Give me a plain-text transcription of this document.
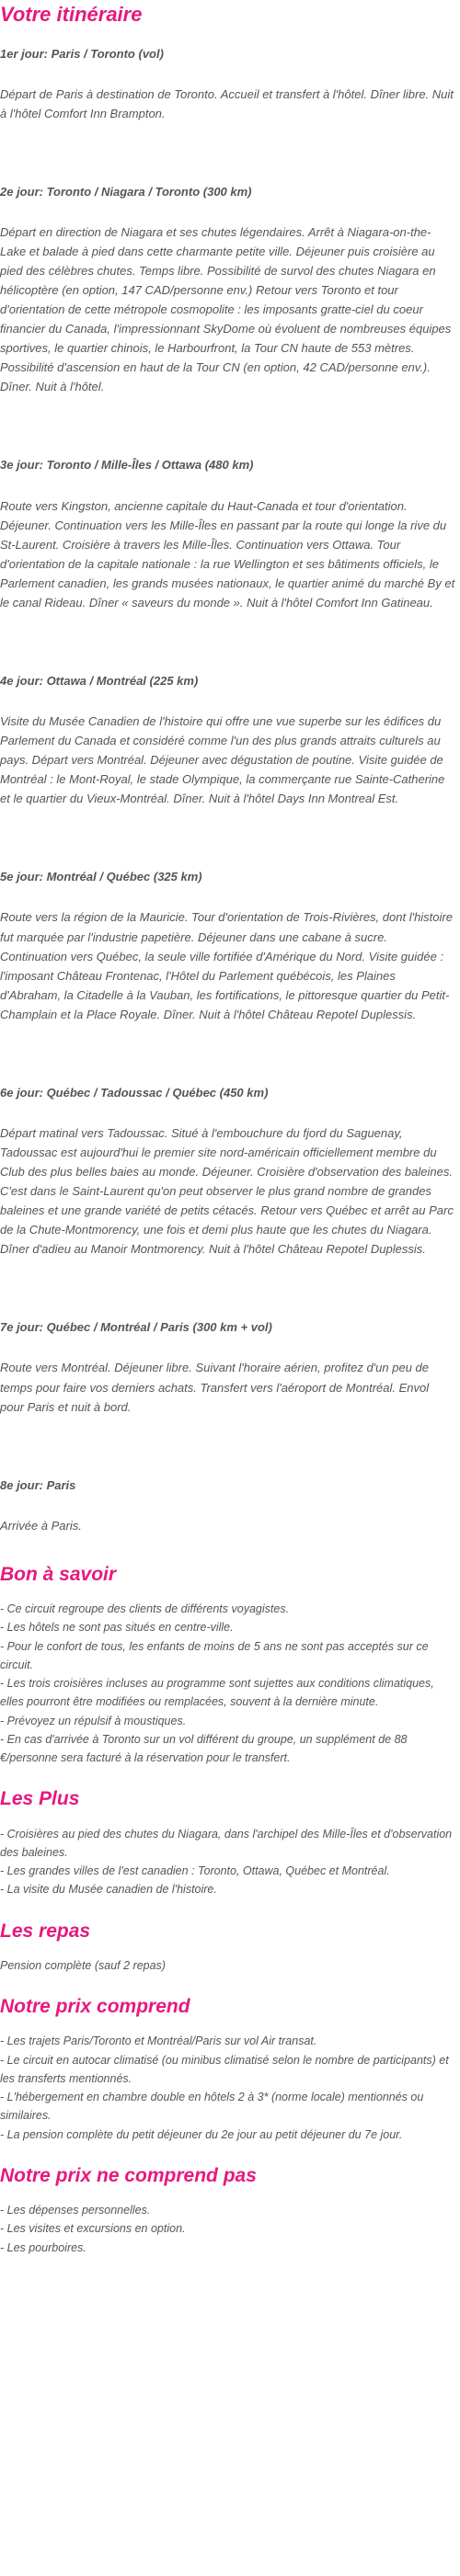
Votre itinéraire

1er jour: Paris / Toronto (vol)

Départ de Paris à destination de Toronto. Accueil et transfert à l'hôtel. Dîner libre. Nuit à l'hôtel Comfort Inn Brampton.

2e jour: Toronto / Niagara / Toronto (300 km)

Départ en direction de Niagara et ses chutes légendaires. Arrêt à Niagara-on-the-Lake et balade à pied dans cette charmante petite ville. Déjeuner puis croisière au pied des célèbres chutes. Temps libre. Possibilité de survol des chutes Niagara en hélicoptère (en option, 147 CAD/personne env.) Retour vers Toronto et tour d'orientation de cette métropole cosmopolite : les imposants gratte-ciel du coeur financier du Canada, l'impressionnant SkyDome où évoluent de nombreuses équipes sportives, le quartier chinois, le Harbourfront, la Tour CN haute de 553 mètres. Possibilité d'ascension en haut de la Tour CN (en option, 42 CAD/personne env.). Dîner. Nuit à l'hôtel.

3e jour: Toronto / Mille-Îles / Ottawa (480 km)

Route vers Kingston, ancienne capitale du Haut-Canada et tour d'orientation. Déjeuner. Continuation vers les Mille-Îles en passant par la route qui longe la rive du St-Laurent. Croisière à travers les Mille-Îles. Continuation vers Ottawa. Tour d'orientation de la capitale nationale : la rue Wellington et ses bâtiments officiels, le Parlement canadien, les grands musées nationaux, le quartier animé du marché By et le canal Rideau. Dîner « saveurs du monde ». Nuit à l'hôtel Comfort Inn Gatineau.

4e jour: Ottawa / Montréal (225 km)

Visite du Musée Canadien de l'histoire qui offre une vue superbe sur les édifices du Parlement du Canada et considéré comme l'un des plus grands attraits culturels au pays. Départ vers Montréal. Déjeuner avec dégustation de poutine. Visite guidée de Montréal : le Mont-Royal, le stade Olympique, la commerçante rue Sainte-Catherine et le quartier du Vieux-Montréal. Dîner. Nuit à l'hôtel Days Inn Montreal Est.

5e jour: Montréal / Québec (325 km)

Route vers la région de la Mauricie. Tour d'orientation de Trois-Rivières, dont l'histoire fut marquée par l'industrie papetière. Déjeuner dans une cabane à sucre. Continuation vers Québec, la seule ville fortifiée d'Amérique du Nord. Visite guidée : l'imposant Château Frontenac, l'Hôtel du Parlement québécois, les Plaines d'Abraham, la Citadelle à la Vauban, les fortifications, le pittoresque quartier du Petit-Champlain et la Place Royale. Dîner. Nuit à l'hôtel Château Repotel Duplessis.

6e jour: Québec / Tadoussac / Québec (450 km)

Départ matinal vers Tadoussac. Situé à l'embouchure du fjord du Saguenay, Tadoussac est aujourd'hui le premier site nord-américain officiellement membre du Club des plus belles baies au monde. Déjeuner. Croisière d'observation des baleines. C'est dans le Saint-Laurent qu'on peut observer le plus grand nombre de grandes baleines et une grande variété de petits cétacés. Retour vers Québec et arrêt au Parc de la Chute-Montmorency, une fois et demi plus haute que les chutes du Niagara. Dîner d'adieu au Manoir Montmorency. Nuit à l'hôtel Château Repotel Duplessis.

7e jour: Québec / Montréal / Paris (300 km + vol)

Route vers Montréal. Déjeuner libre. Suivant l'horaire aérien, profitez d'un peu de temps pour faire vos derniers achats. Transfert vers l'aéroport de Montréal. Envol pour Paris et nuit à bord.

8e jour: Paris

Arrivée à Paris.

Bon à savoir
- Ce circuit regroupe des clients de différents voyagistes.
- Les hôtels ne sont pas situés en centre-ville.
- Pour le confort de tous, les enfants de moins de 5 ans ne sont pas acceptés sur ce circuit.
- Les trois croisières incluses au programme sont sujettes aux conditions climatiques, elles pourront être modifiées ou remplacées, souvent à la dernière minute.
- Prévoyez un répulsif à moustiques.
- En cas d'arrivée à Toronto sur un vol différent du groupe, un supplément de 88 €/personne sera facturé à la réservation pour le transfert.
Les Plus
- Croisières au pied des chutes du Niagara, dans l'archipel des Mille-Îles et d'observation des baleines.
- Les grandes villes de l'est canadien : Toronto, Ottawa, Québec et Montréal.
- La visite du Musée canadien de l'histoire.
Les repas
Pension complète (sauf 2 repas)
Notre prix comprend
- Les trajets Paris/Toronto et Montréal/Paris sur vol Air transat.
- Le circuit en autocar climatisé (ou minibus climatisé selon le nombre de participants) et les transferts mentionnés.
- L'hébergement en chambre double en hôtels 2 à 3* (norme locale) mentionnés ou similaires.
- La pension complète du petit déjeuner du 2e jour au petit déjeuner du 7e jour.
Notre prix ne comprend pas
- Les dépenses personnelles.
- Les visites et excursions en option.
- Les pourboires.
